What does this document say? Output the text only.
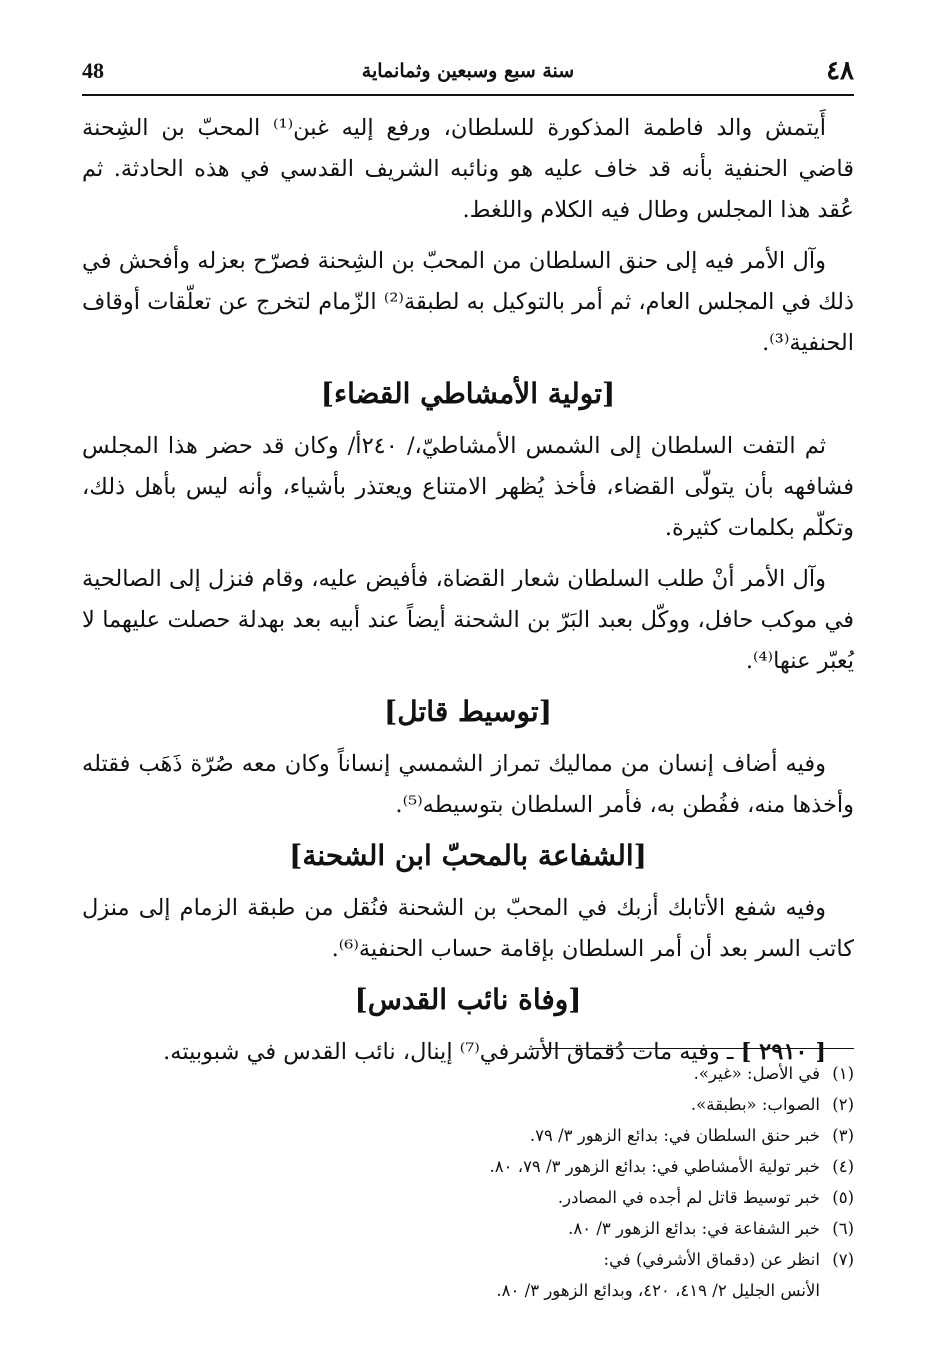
٤٨
سنة سبع وسبعين وثمانماية
48

أَيتمش والد فاطمة المذكورة للسلطان، ورفع إليه غبن⁽¹⁾ المحبّ بن الشِحنة قاضي الحنفية بأنه قد خاف عليه هو ونائبه الشريف القدسي في هذه الحادثة. ثم عُقد هذا المجلس وطال فيه الكلام واللغط.

وآل الأمر فيه إلى حنق السلطان من المحبّ بن الشِحنة فصرّح بعزله وأفحش في ذلك في المجلس العام، ثم أمر بالتوكيل به لطبقة⁽²⁾ الزّمام لتخرج عن تعلّقات أوقاف الحنفية⁽³⁾.

[تولية الأمشاطي القضاء]

ثم التفت السلطان إلى الشمس الأمشاطيّ،/ ٢٤٠أ/ وكان قد حضر هذا المجلس فشافهه بأن يتولّى القضاء، فأخذ يُظهر الامتناع ويعتذر بأشياء، وأنه ليس بأهل ذلك، وتكلّم بكلمات كثيرة.

وآل الأمر أنْ طلب السلطان شعار القضاة، فأفيض عليه، وقام فنزل إلى الصالحية في موكب حافل، ووكّل بعبد البَرّ بن الشحنة أيضاً عند أبيه بعد بهدلة حصلت عليهما لا يُعبّر عنها⁽⁴⁾.

[توسيط قاتل]

وفيه أضاف إنسان من مماليك تمراز الشمسي إنساناً وكان معه صُرّة ذَهَب فقتله وأخذها منه، ففُطن به، فأمر السلطان بتوسيطه⁽⁵⁾.

[الشفاعة بالمحبّ ابن الشحنة]

وفيه شفع الأتابك أزبك في المحبّ بن الشحنة فنُقل من طبقة الزمام إلى منزل كاتب السر بعد أن أمر السلطان بإقامة حساب الحنفية⁽⁶⁾.

[وفاة نائب القدس]

[ ٢٩١٠ ] ـ وفيه مات دُقماق الأشرفي⁽⁷⁾ إينال، نائب القدس في شبوبيته.

(١)في الأصل: «غير».

(٢)الصواب: «بطبقة».

(٣)خبر حنق السلطان في: بدائع الزهور ٣/ ٧٩.

(٤)خبر تولية الأمشاطي في: بدائع الزهور ٣/ ٧٩، ٨٠.

(٥)خبر توسيط قاتل لم أجده في المصادر.

(٦)خبر الشفاعة في: بدائع الزهور ٣/ ٨٠.

(٧)انظر عن (دقماق الأشرفي) في:

الأنس الجليل ٢/ ٤١٩، ٤٢٠، وبدائع الزهور ٣/ ٨٠.
